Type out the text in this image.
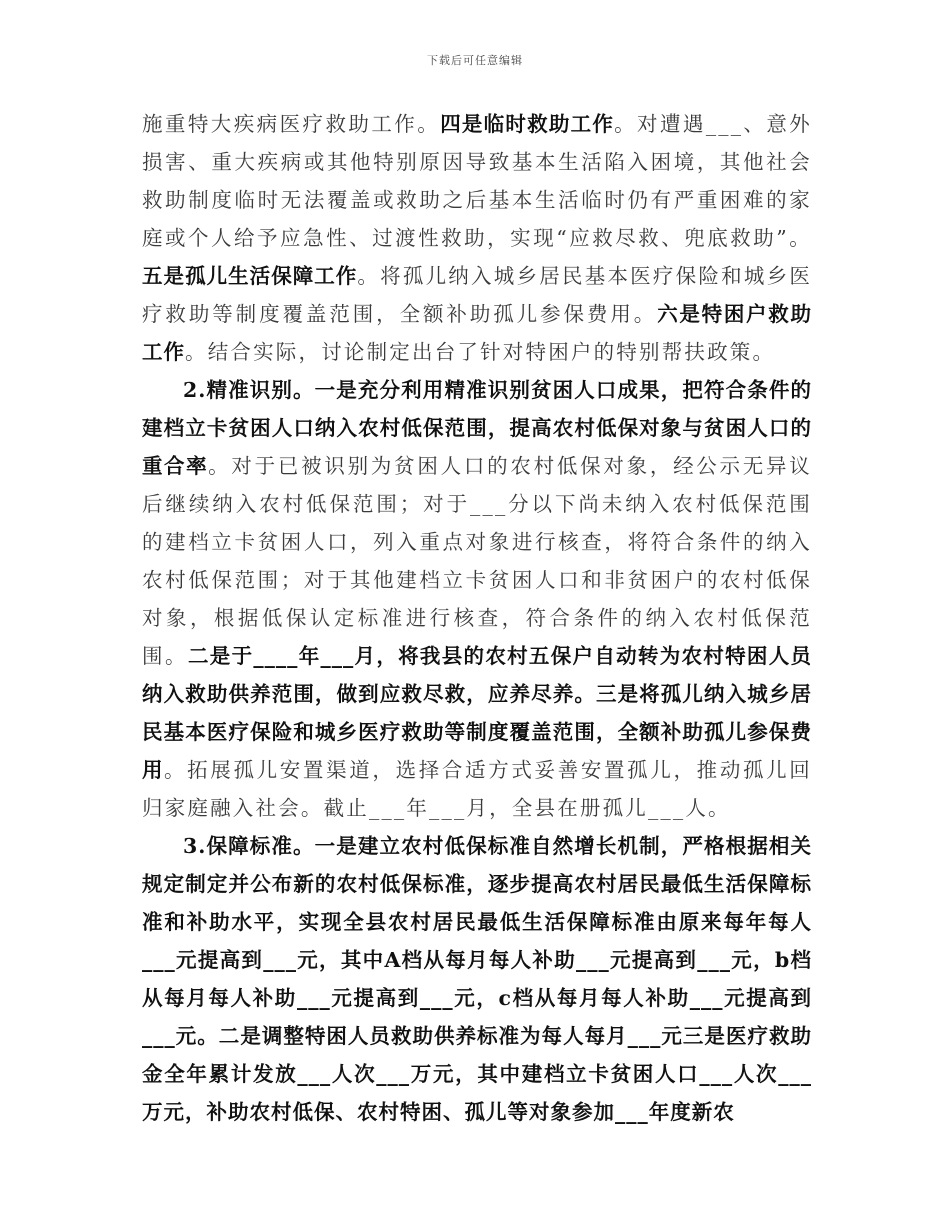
下载后可任意编辑

施重特大疾病医疗救助工作。四是临时救助工作。对遭遇___、意外损害、重大疾病或其他特别原因导致基本生活陷入困境，其他社会救助制度临时无法覆盖或救助之后基本生活临时仍有严重困难的家庭或个人给予应急性、过渡性救助，实现“应救尽救、兜底救助”。五是孤儿生活保障工作。将孤儿纳入城乡居民基本医疗保险和城乡医疗救助等制度覆盖范围，全额补助孤儿参保费用。六是特困户救助工作。结合实际，讨论制定出台了针对特困户的特别帮扶政策。

2.精准识别。一是充分利用精准识别贫困人口成果，把符合条件的建档立卡贫困人口纳入农村低保范围，提高农村低保对象与贫困人口的重合率。对于已被识别为贫困人口的农村低保对象，经公示无异议后继续纳入农村低保范围；对于___分以下尚未纳入农村低保范围的建档立卡贫困人口，列入重点对象进行核查，将符合条件的纳入农村低保范围；对于其他建档立卡贫困人口和非贫困户的农村低保对象，根据低保认定标准进行核查，符合条件的纳入农村低保范围。二是于____年___月，将我县的农村五保户自动转为农村特困人员纳入救助供养范围，做到应救尽救，应养尽养。三是将孤儿纳入城乡居民基本医疗保险和城乡医疗救助等制度覆盖范围，全额补助孤儿参保费用。拓展孤儿安置渠道，选择合适方式妥善安置孤儿，推动孤儿回归家庭融入社会。截止___年___月，全县在册孤儿___人。

3.保障标准。一是建立农村低保标准自然增长机制，严格根据相关规定制定并公布新的农村低保标准，逐步提高农村居民最低生活保障标准和补助水平，实现全县农村居民最低生活保障标准由原来每年每人___元提高到___元，其中A档从每月每人补助___元提高到___元，b档从每月每人补助___元提高到___元，c档从每月每人补助___元提高到___元。二是调整特困人员救助供养标准为每人每月___元三是医疗救助金全年累计发放___人次___万元，其中建档立卡贫困人口___人次___万元，补助农村低保、农村特困、孤儿等对象参加___年度新农
